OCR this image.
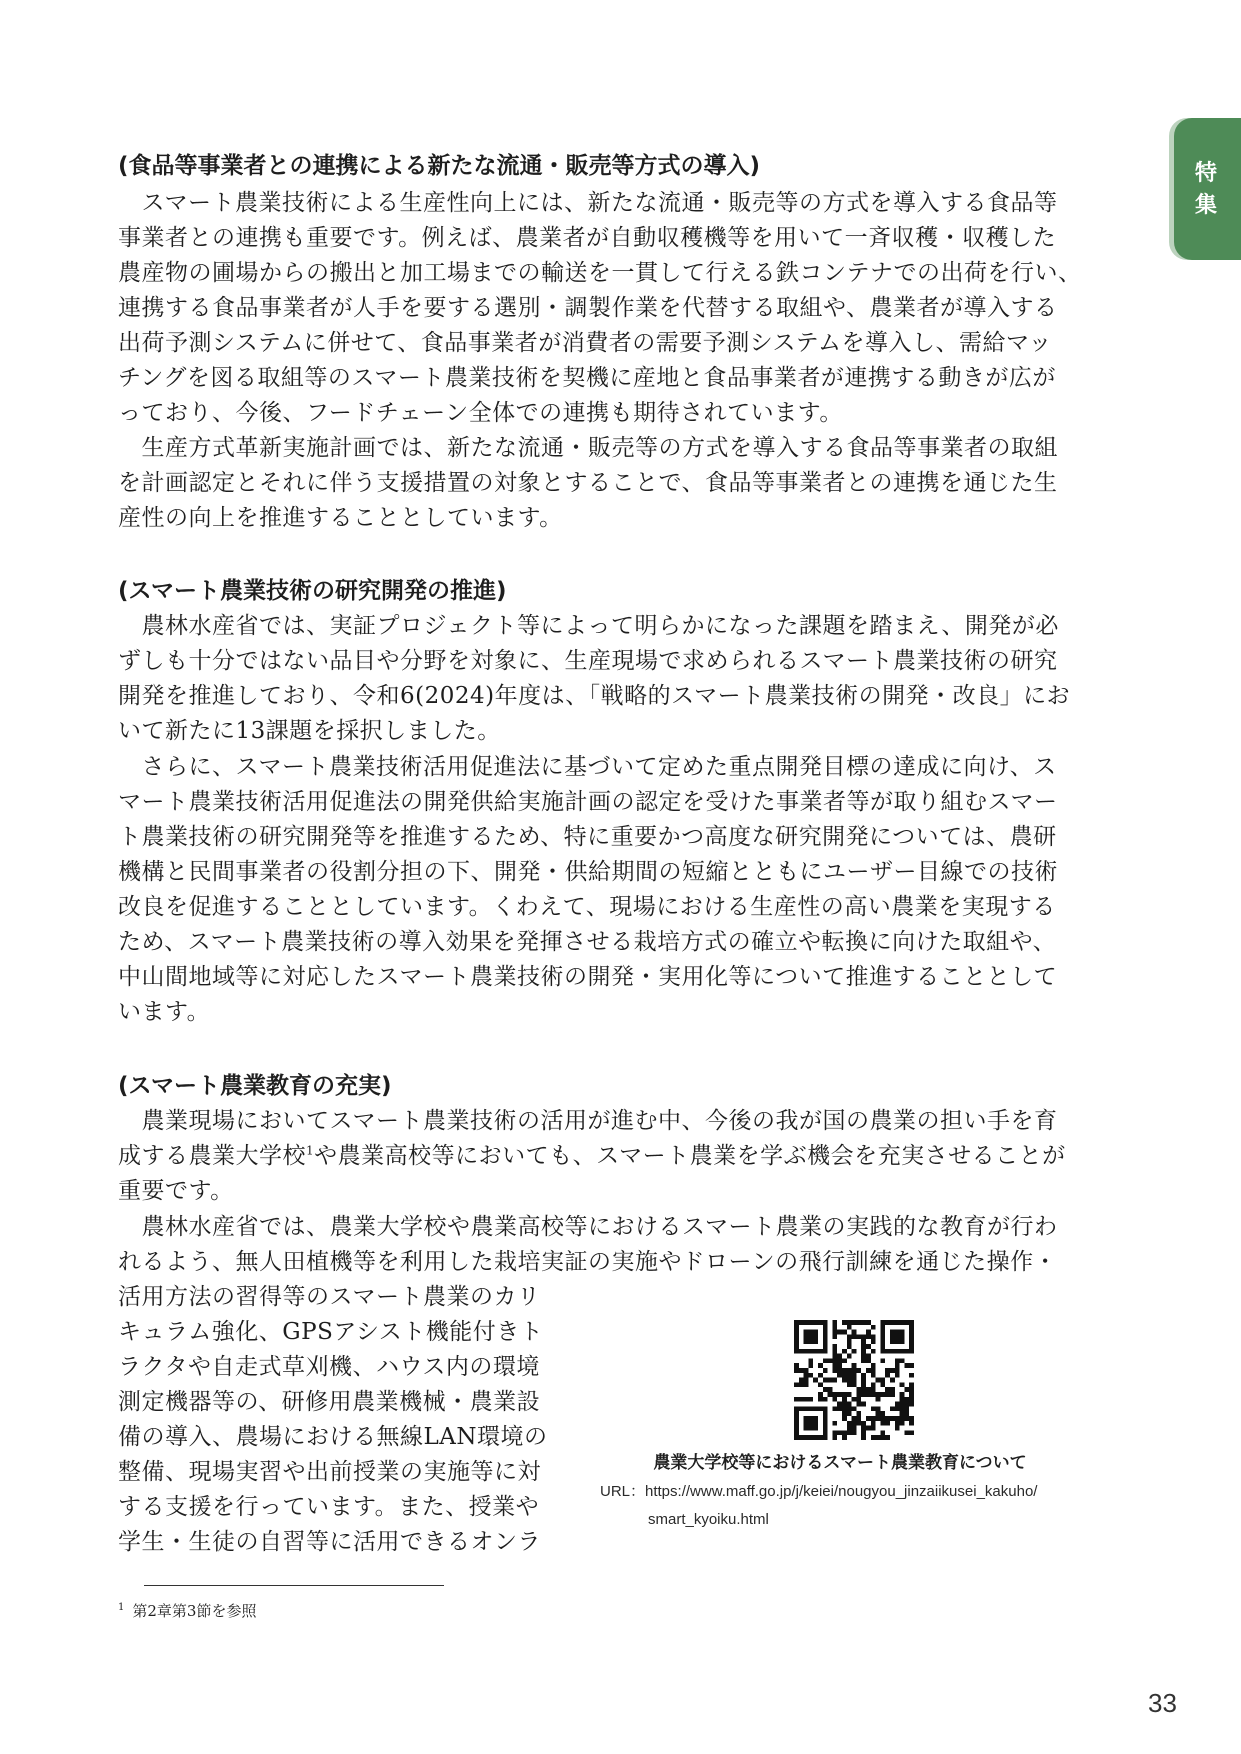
特集
(食品等事業者との連携による新たな流通・販売等方式の導入)
　スマート農業技術による生産性向上には、新たな流通・販売等の方式を導入する食品等
事業者との連携も重要です。例えば、農業者が自動収穫機等を用いて一斉収穫・収穫した
農産物の圃場からの搬出と加工場までの輸送を一貫して行える鉄コンテナでの出荷を行い、
連携する食品事業者が人手を要する選別・調製作業を代替する取組や、農業者が導入する
出荷予測システムに併せて、食品事業者が消費者の需要予測システムを導入し、需給マッ
チングを図る取組等のスマート農業技術を契機に産地と食品事業者が連携する動きが広が
っており、今後、フードチェーン全体での連携も期待されています。
　生産方式革新実施計画では、新たな流通・販売等の方式を導入する食品等事業者の取組
を計画認定とそれに伴う支援措置の対象とすることで、食品等事業者との連携を通じた生
産性の向上を推進することとしています。
(スマート農業技術の研究開発の推進)
　農林水産省では、実証プロジェクト等によって明らかになった課題を踏まえ、開発が必
ずしも十分ではない品目や分野を対象に、生産現場で求められるスマート農業技術の研究
開発を推進しており、令和6(2024)年度は、「戦略的スマート農業技術の開発・改良」にお
いて新たに13課題を採択しました。
　さらに、スマート農業技術活用促進法に基づいて定めた重点開発目標の達成に向け、ス
マート農業技術活用促進法の開発供給実施計画の認定を受けた事業者等が取り組むスマー
ト農業技術の研究開発等を推進するため、特に重要かつ高度な研究開発については、農研
機構と民間事業者の役割分担の下、開発・供給期間の短縮とともにユーザー目線での技術
改良を促進することとしています。くわえて、現場における生産性の高い農業を実現する
ため、スマート農業技術の導入効果を発揮させる栽培方式の確立や転換に向けた取組や、
中山間地域等に対応したスマート農業技術の開発・実用化等について推進することとして
います。
(スマート農業教育の充実)
　農業現場においてスマート農業技術の活用が進む中、今後の我が国の農業の担い手を育
成する農業大学校$^1$や農業高校等においても、スマート農業を学ぶ機会を充実させることが
重要です。
　農林水産省では、農業大学校や農業高校等におけるスマート農業の実践的な教育が行わ
れるよう、無人田植機等を利用した栽培実証の実施やドローンの飛行訓練を通じた操作・
活用方法の習得等のスマート農業のカリ
キュラム強化、GPSアシスト機能付きト
ラクタや自走式草刈機、ハウス内の環境
測定機器等の、研修用農業機械・農業設
備の導入、農場における無線LAN環境の
整備、現場実習や出前授業の実施等に対
する支援を行っています。また、授業や
学生・生徒の自習等に活用できるオンラ
農業大学校等におけるスマート農業教育について
URL：https://www.maff.go.jp/j/keiei/nougyou_jinzaiikusei_kakuho/
smart_kyoiku.html
$^1$ 第2章第3節を参照
33
